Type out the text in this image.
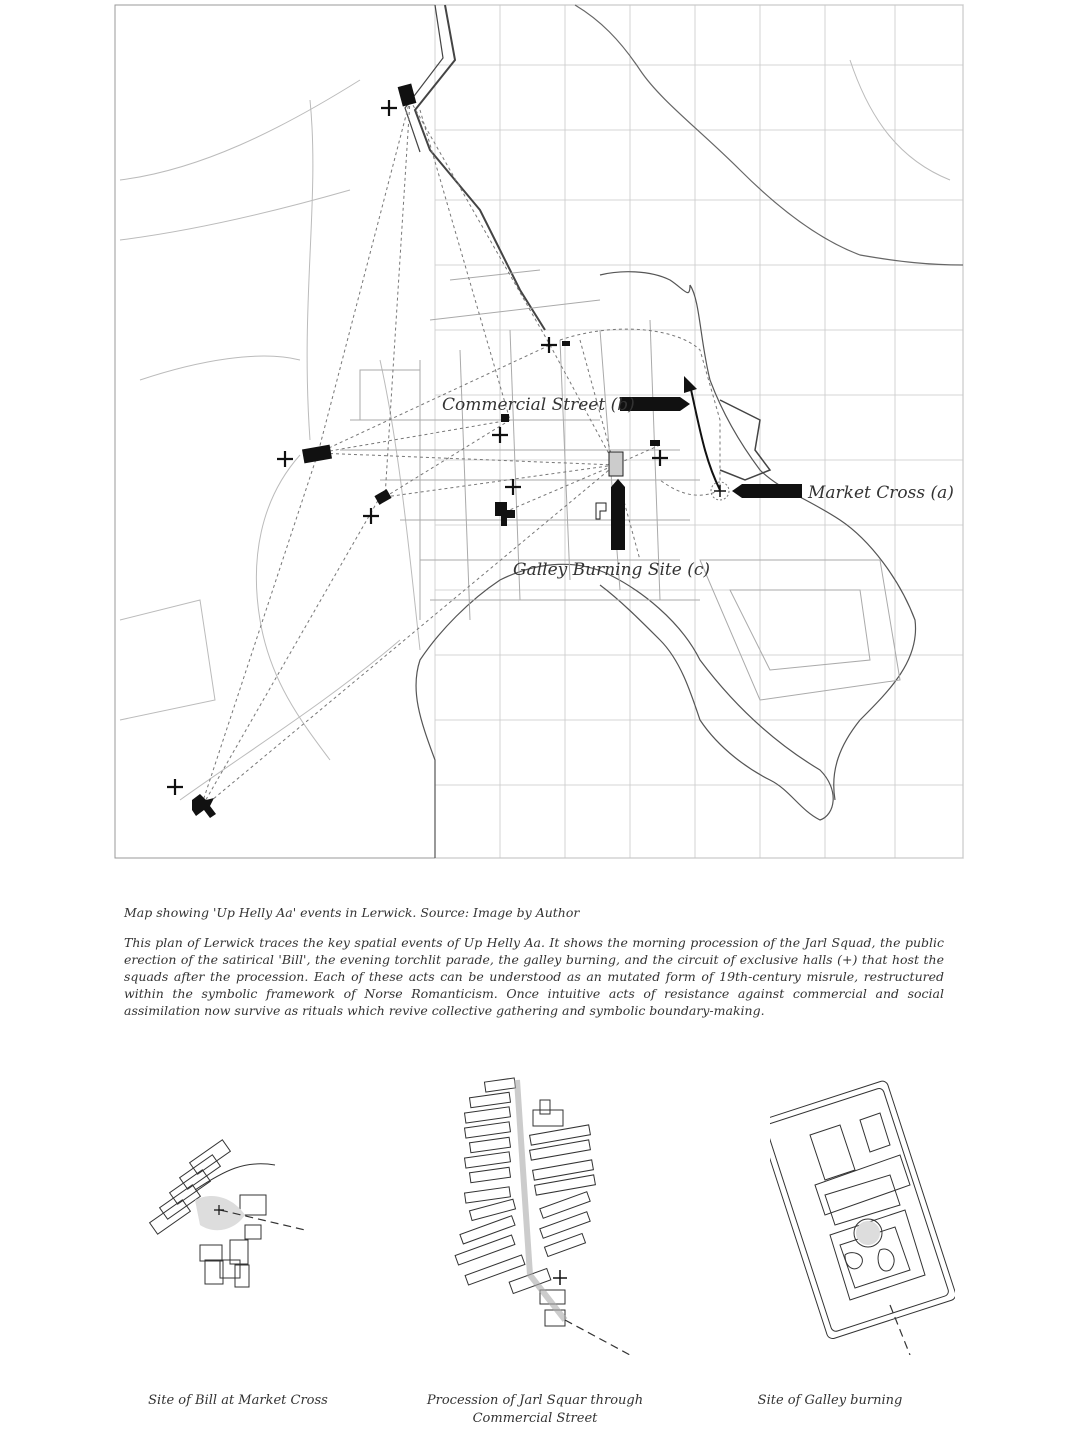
Commercial Street (b)
Market Cross (a)
Galley Burning Site (c)

Map showing 'Up Helly Aa' events in Lerwick. Source: Image by Author

This plan of Lerwick traces the key spatial events of Up Helly Aa. It shows the morning procession of the Jarl Squad, the public erection of the satirical 'Bill', the evening torchlit parade, the galley burning, and the circuit of exclusive halls (+) that host the squads after the procession. Each of these acts can be understood as an mutated form of 19th-century misrule, restructured within the symbolic framework of Norse Romanticism. Once intuitive acts of resistance against commercial and social assimilation now survive as rituals which revive collective gathering and symbolic boundary-making.

Site of Bill at Market Cross	Procession of Jarl Squar through
Commercial Street
Site of Galley burning
